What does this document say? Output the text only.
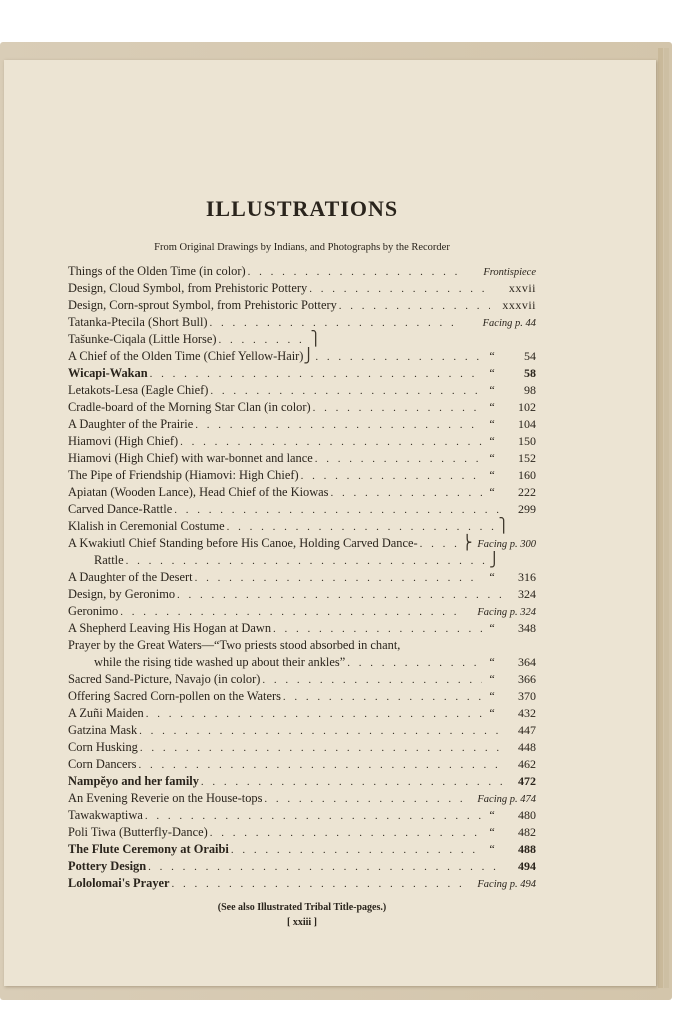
ILLUSTRATIONS
From Original Drawings by Indians, and Photographs by the Recorder
Things of the Olden Time (in color) . . .	Frontispiece
Design, Cloud Symbol, from Prehistoric Pottery . . .	xxvii
Design, Corn-sprout Symbol, from Prehistoric Pottery . . .	xxxvii
Tatanka-Ptecila (Short Bull) . . .	Facing p. 44
Tašunke-Ciqala (Little Horse) . . .	⎫
A Chief of the Olden Time (Chief Yellow-Hair) ⎭ . . .	“	54
Wicapi-Wakan . . .	“	58
Letakots-Lesa (Eagle Chief) . . .	“	98
Cradle-board of the Morning Star Clan (in color) . . .	“	102
A Daughter of the Prairie . . .	“	104
Hiamovi (High Chief) . . .	“	150
Hiamovi (High Chief) with war-bonnet and lance . . .	“	152
The Pipe of Friendship (Hiamovi: High Chief) . . .	“	160
Apiatan (Wooden Lance), Head Chief of the Kiowas . . .	“	222
Carved Dance-Rattle . . .	299
Klalish in Ceremonial Costume . . .	⎫
A Kwakiutl Chief Standing before His Canoe, Holding Carved Dance- . . .	⎬ Facing p. 300
Rattle . . .	⎭
A Daughter of the Desert . . .	“	316
Design, by Geronimo . . .	324
Geronimo . . .	Facing p. 324
A Shepherd Leaving His Hogan at Dawn . . .	“	348
Prayer by the Great Waters—“Two priests stood absorbed in chant,
while the rising tide washed up about their ankles” . . .	“	364
Sacred Sand-Picture, Navajo (in color) . . .	“	366
Offering Sacred Corn-pollen on the Waters . . .	“	370
A Zuñi Maiden . . .	“	432
Gatzina Mask . . .	447
Corn Husking . . .	448
Corn Dancers . . .	462
Nampĕyo and her family . . .	472
An Evening Reverie on the House-tops . . .	Facing p. 474
Tawakwaptiwa . . .	“	480
Poli Tiwa (Butterfly-Dance) . . .	“	482
The Flute Ceremony at Oraibi . . .	“	488
Pottery Design . . .	494
Lololomai's Prayer . . .	Facing p. 494
(See also Illustrated Tribal Title-pages.)
[ xxiii ]
